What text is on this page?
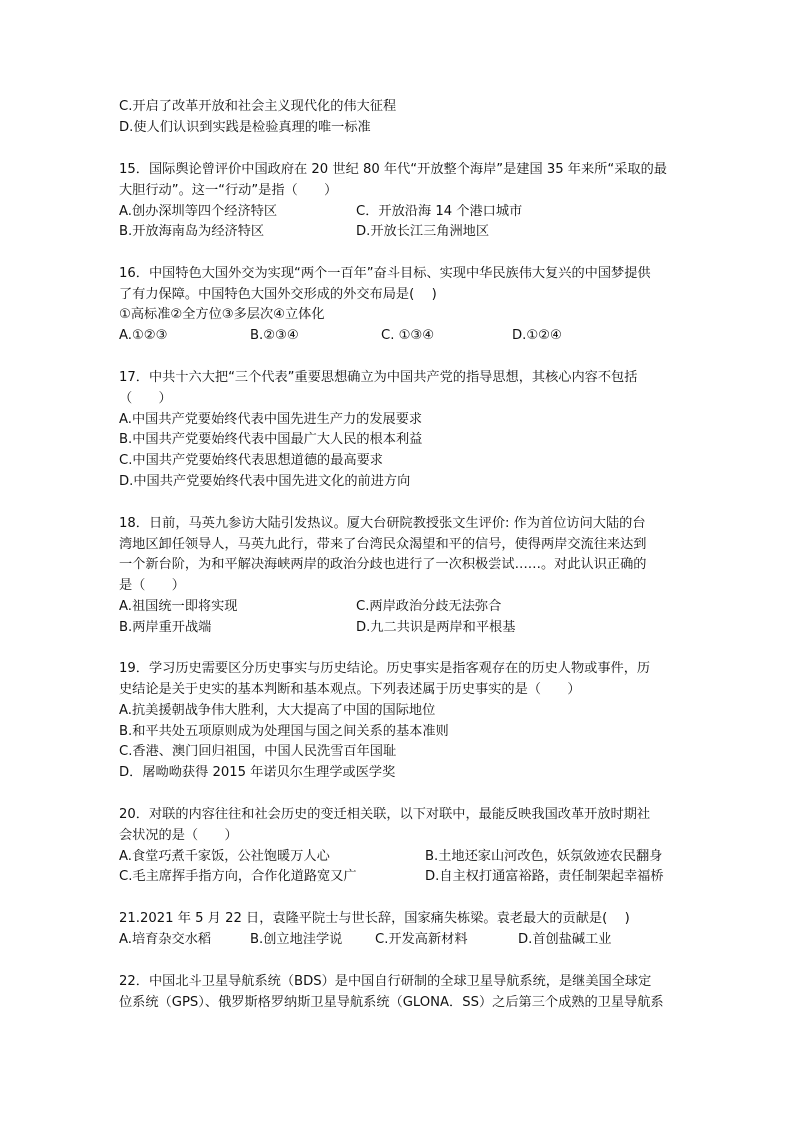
C.开启了改革开放和社会主义现代化的伟大征程
D.使人们认识到实践是检验真理的唯一标准
15．国际舆论曾评价中国政府在 20 世纪 80 年代“开放整个海岸”是建国 35 年来所“采取的最
大胆行动”。这一“行动”是指（　　）
A.创办深圳等四个经济特区	C．开放沿海 14 个港口城市
B.开放海南岛为经济特区	D.开放长江三角洲地区
16．中国特色大国外交为实现“两个一百年”奋斗目标、实现中华民族伟大复兴的中国梦提供
了有力保障。中国特色大国外交形成的外交布局是(　 )
①高标准②全方位③多层次④立体化
A.①②③	B.②③④	C. ①③④	D.①②④
17．中共十六大把“三个代表”重要思想确立为中国共产党的指导思想，其核心内容不包括
（　　）
A.中国共产党要始终代表中国先进生产力的发展要求
B.中国共产党要始终代表中国最广大人民的根本利益
C.中国共产党要始终代表思想道德的最高要求
D.中国共产党要始终代表中国先进文化的前进方向
18．日前，马英九参访大陆引发热议。厦大台研院教授张文生评价: 作为首位访问大陆的台
湾地区卸任领导人，马英九此行，带来了台湾民众渴望和平的信号，使得两岸交流往来达到
一个新台阶，为和平解决海峡两岸的政治分歧也进行了一次积极尝试……。对此认识正确的
是（　　）
A.祖国统一即将实现	C.两岸政治分歧无法弥合
B.两岸重开战端	D.九二共识是两岸和平根基
19．学习历史需要区分历史事实与历史结论。历史事实是指客观存在的历史人物或事件，历
史结论是关于史实的基本判断和基本观点。下列表述属于历史事实的是（　　）
A.抗美援朝战争伟大胜利，大大提高了中国的国际地位
B.和平共处五项原则成为处理国与国之间关系的基本准则
C.香港、澳门回归祖国，中国人民洗雪百年国耻
D．屠呦呦获得 2015 年诺贝尔生理学或医学奖
20．对联的内容往往和社会历史的变迁相关联，以下对联中，最能反映我国改革开放时期社
会状况的是（　　）
A.食堂巧煮千家饭，公社饱暖万人心	B.土地还家山河改色，妖氛敛迹农民翻身
C.毛主席挥手指方向，合作化道路宽又广	D.自主权打通富裕路，责任制架起幸福桥
21.2021 年 5 月 22 日，袁隆平院士与世长辞，国家痛失栋梁。袁老最大的贡献是(　 )
A.培育杂交水稻	B.创立地洼学说 C.开发高新材料	D.首创盐碱工业
22．中国北斗卫星导航系统（BDS）是中国自行研制的全球卫星导航系统，是继美国全球定
位系统（GPS）、俄罗斯格罗纳斯卫星导航系统（GLONA．SS）之后第三个成熟的卫星导航系
